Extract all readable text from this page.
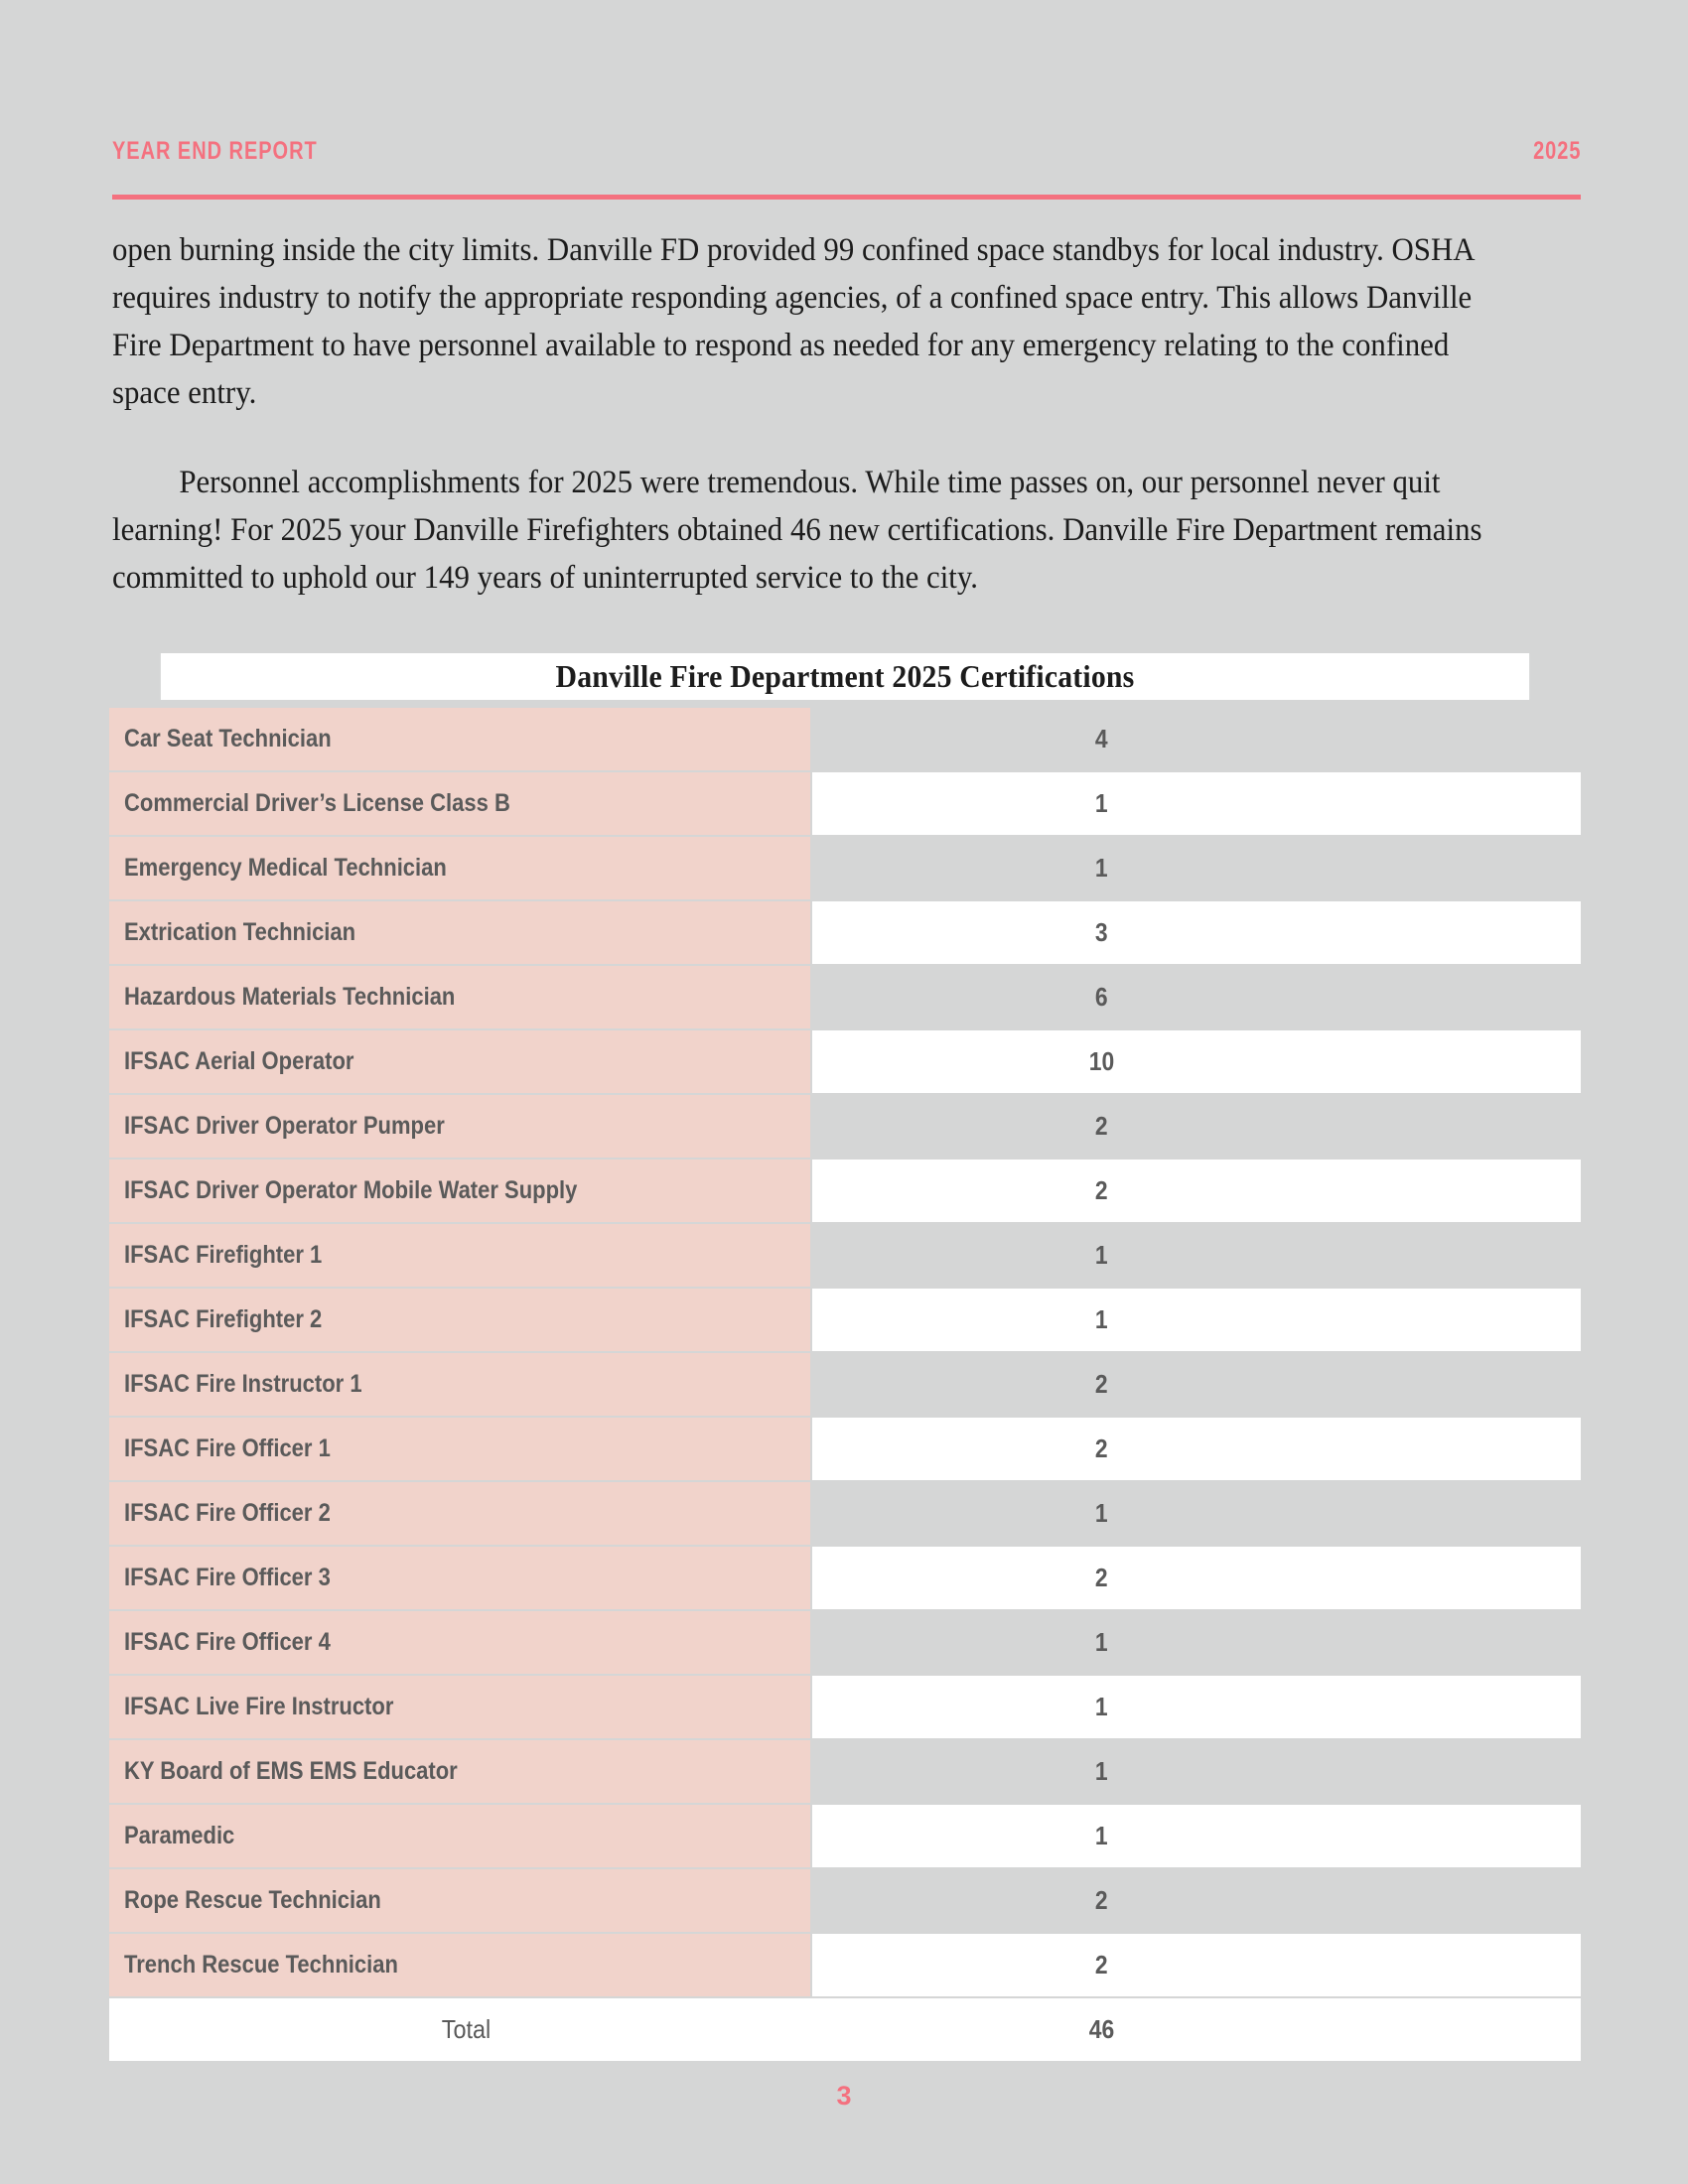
YEAR END REPORT	2025
open burning inside the city limits. Danville FD provided 99 confined space standbys for local industry. OSHA requires industry to notify the appropriate responding agencies, of a confined space entry. This allows Danville Fire Department to have personnel available to respond as needed for any emergency relating to the confined space entry.
Personnel accomplishments for 2025 were tremendous. While time passes on, our personnel never quit learning! For 2025 your Danville Firefighters obtained 46 new certifications. Danville Fire Department remains committed to uphold our 149 years of uninterrupted service to the city.
Danville Fire Department 2025 Certifications
Car Seat Technician	4
Commercial Driver’s License Class B	1
Emergency Medical Technician	1
Extrication Technician	3
Hazardous Materials Technician	6
IFSAC Aerial Operator	10
IFSAC Driver Operator Pumper	2
IFSAC Driver Operator Mobile Water Supply	2
IFSAC Firefighter 1	1
IFSAC Firefighter 2	1
IFSAC Fire Instructor 1	2
IFSAC Fire Officer 1	2
IFSAC Fire Officer 2	1
IFSAC Fire Officer 3	2
IFSAC Fire Officer 4	1
IFSAC Live Fire Instructor	1
KY Board of EMS EMS Educator	1
Paramedic	1
Rope Rescue Technician	2
Trench Rescue Technician	2
Total	46
3
